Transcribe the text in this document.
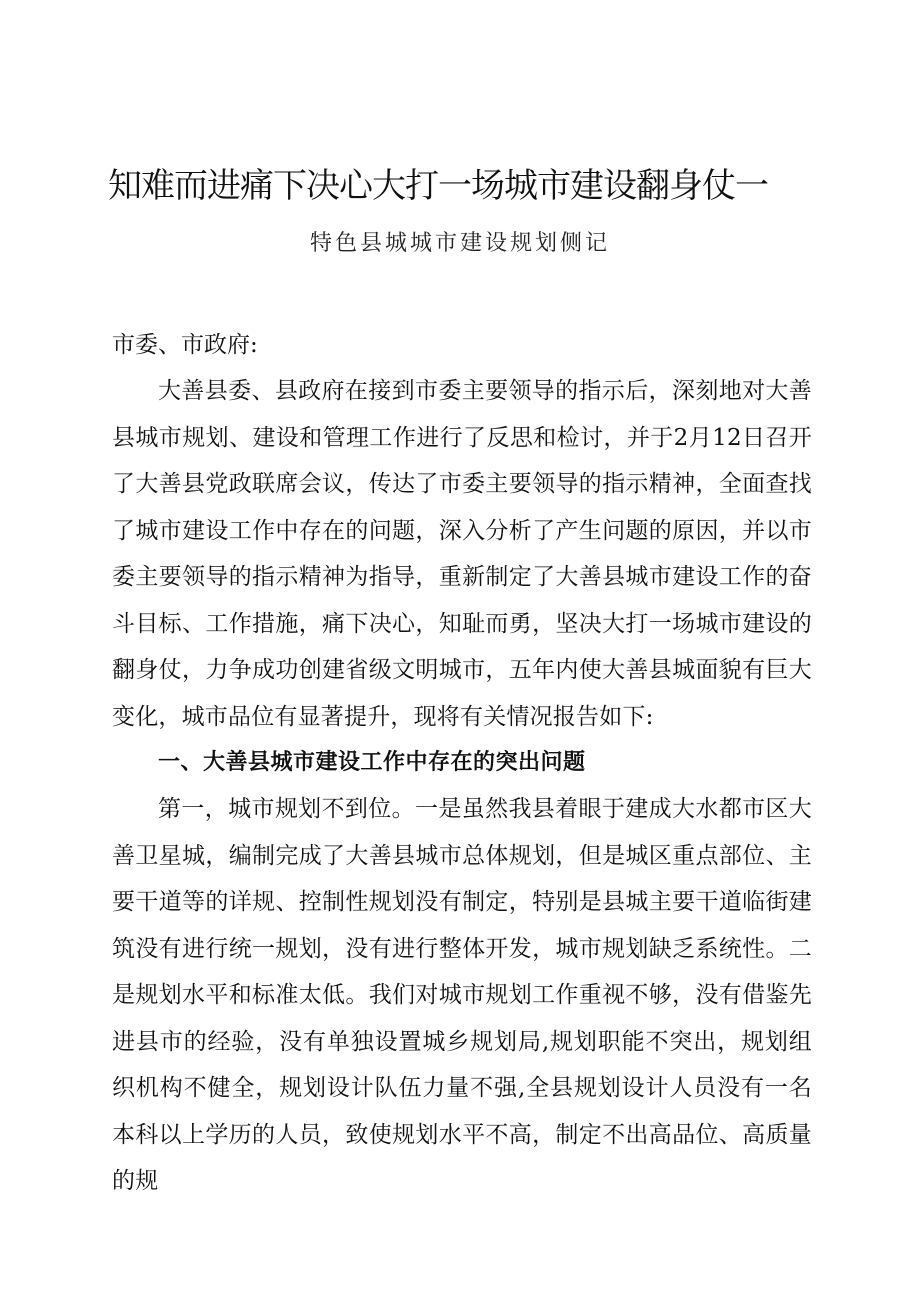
知难而进痛下决心大打一场城市建设翻身仗一
特色县城城市建设规划侧记

市委、市政府:

大善县委、县政府在接到市委主要领导的指示后，深刻地对大善县城市规划、建设和管理工作进行了反思和检讨，并于2月12日召开了大善县党政联席会议，传达了市委主要领导的指示精神，全面查找了城市建设工作中存在的问题，深入分析了产生问题的原因，并以市委主要领导的指示精神为指导，重新制定了大善县城市建设工作的奋斗目标、工作措施，痛下决心，知耻而勇，坚决大打一场城市建设的翻身仗，力争成功创建省级文明城市，五年内使大善县城面貌有巨大变化，城市品位有显著提升，现将有关情况报告如下:

一、大善县城市建设工作中存在的突出问题

第一，城市规划不到位。一是虽然我县着眼于建成大水都市区大善卫星城，编制完成了大善县城市总体规划，但是城区重点部位、主要干道等的详规、控制性规划没有制定，特别是县城主要干道临街建筑没有进行统一规划，没有进行整体开发，城市规划缺乏系统性。二是规划水平和标准太低。我们对城市规划工作重视不够，没有借鉴先进县市的经验，没有单独设置城乡规划局,规划职能不突出，规划组织机构不健全，规划设计队伍力量不强,全县规划设计人员没有一名本科以上学历的人员，致使规划水平不高，制定不出高品位、高质量的规
